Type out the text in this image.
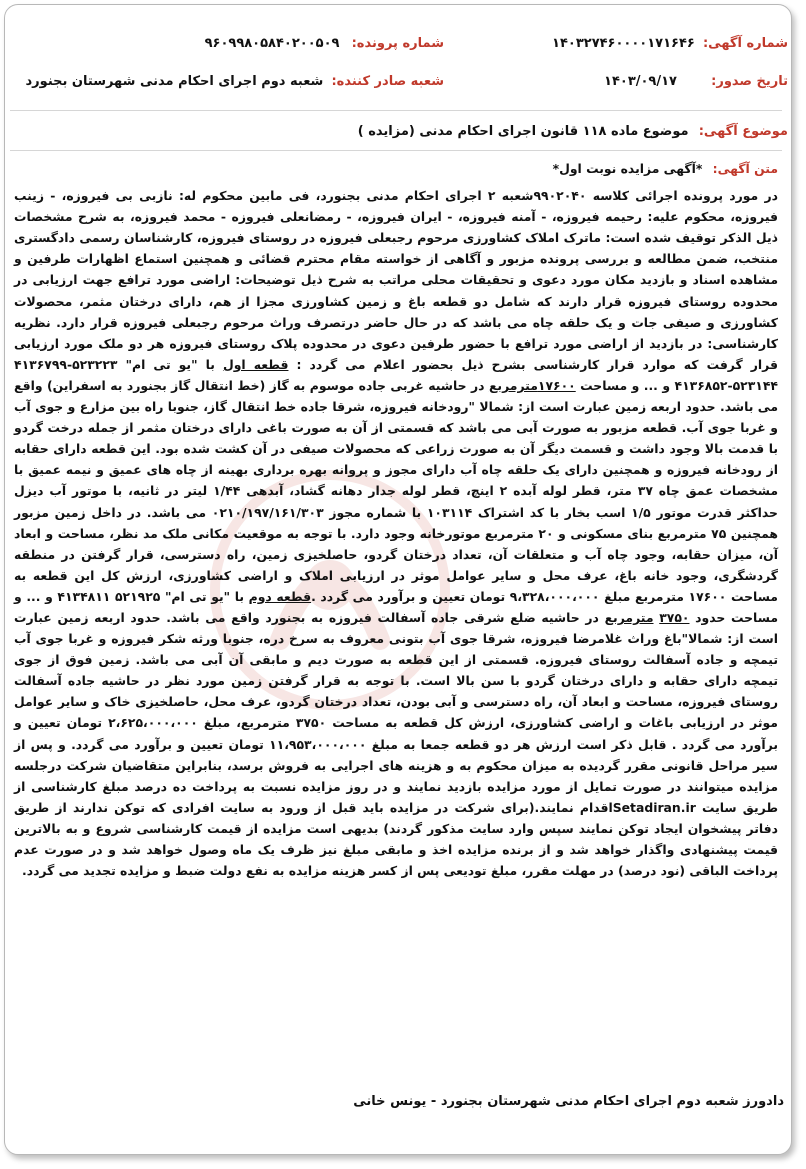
شماره آگهی: ۱۴۰۳۲۷۴۶۰۰۰۰۱۷۱۶۴۶
شماره پرونده: ۹۶۰۹۹۸۰۵۸۴۰۲۰۰۵۰۹
تاریخ صدور: ۱۴۰۳/۰۹/۱۷
شعبه صادر کننده: شعبه دوم اجرای احکام مدنی شهرستان بجنورد
موضوع آگهی: موضوع ماده ۱۱۸ قانون اجرای احکام مدنی (مزایده )

متن آگهی: *آگهی مزایده نوبت اول*

در مورد پرونده اجرائی کلاسه ۹۹۰۲۰۴۰شعبه ۲ اجرای احکام مدنی بجنورد، فی مابین محکوم له: نازبی بی فیروزه، - زینب فیروزه، محکوم علیه: رحیمه فیروزه، - آمنه فیروزه، - ایران فیروزه، - رمضانعلی فیروزه - محمد فیروزه، به شرح مشخصات ذیل الذکر توقیف شده است: ماترک املاک کشاورزی مرحوم رجبعلی فیروزه در روستای فیروزه، کارشناسان رسمی دادگستری منتخب، ضمن مطالعه و بررسی پرونده مزبور و آگاهی از خواسته مقام محترم قضائی و همچنین استماع اظهارات طرفین و مشاهده اسناد و بازدید مکان مورد دعوی و تحقیقات محلی مراتب به شرح ذیل توضیحات: اراضی مورد ترافع جهت ارزیابی در محدوده روستای فیروزه قرار دارند که شامل دو قطعه باغ و زمین کشاورزی مجزا از هم، دارای درختان مثمر، محصولات کشاورزی و صیفی جات و یک حلقه چاه می باشد که در حال حاضر درتصرف وراث مرحوم رجبعلی فیروزه قرار دارد. نظریه کارشناسی: در بازدید از اراضی مورد ترافع با حضور طرفین دعوی در محدوده پلاک روستای فیروزه هر دو ملک مورد ارزیابی قرار گرفت که موارد قرار کارشناسی بشرح ذیل بحضور اعلام می گردد : قطعه اول با "یو تی ام" ۵۲۳۲۲۳-۴۱۳۶۷۹۹ ۵۲۳۱۴۴-۴۱۳۶۸۵۲ و ... و مساحت ۱۷۶۰۰مترمربع در حاشیه غربی جاده موسوم به گاز (خط انتقال گاز بجنورد به اسفراین) واقع می باشد. حدود اربعه زمین عبارت است از: شمالا "رودخانه فیروزه، شرقا جاده خط انتقال گاز، جنوبا راه بین مزارع و جوی آب و غربا جوی آب. قطعه مزبور به صورت آبی می باشد که قسمتی از آن به صورت باغی دارای درختان مثمر از جمله درخت گردو با قدمت بالا وجود داشت و قسمت دیگر آن به صورت زراعی که محصولات صیفی در آن کشت شده بود. این قطعه دارای حقابه از رودخانه فیروزه و همچنین دارای یک حلقه چاه آب دارای مجوز و پروانه بهره برداری بهینه از چاه های عمیق و نیمه عمیق با مشخصات عمق چاه ۳۷ متر، قطر لوله آبده ۲ اینچ، قطر لوله جدار دهانه گشاد، آبدهی ۱/۴۴ لیتر در ثانیه، با موتور آب دیزل حداکثر قدرت موتور ۱/۵ اسب بخار با کد اشتراک ۱۰۳۱۱۴ با شماره مجوز ۰۲۱۰/۱۹۷/۱۶۱/۳۰۳ می باشد. در داخل زمین مزبور همچنین ۷۵ مترمربع بنای مسکونی و ۲۰ مترمربع موتورخانه وجود دارد. با توجه به موقعیت مکانی ملک مد نظر، مساحت و ابعاد آن، میزان حقابه، وجود چاه آب و متعلقات آن، تعداد درختان گردو، حاصلخیزی زمین، راه دسترسی، قرار گرفتن در منطقه گردشگری، وجود خانه باغ، عرف محل و سایر عوامل موثر در ارزیابی املاک و اراضی کشاورزی، ارزش کل این قطعه به مساحت ۱۷۶۰۰ مترمربع مبلغ ۹،۳۲۸،۰۰۰،۰۰۰ تومان تعیین و برآورد می گردد .قطعه دوم با "یو تی ام" ۵۲۱۹۲۵ ۴۱۳۴۸۱۱ و ... و مساحت حدود ۳۷۵۰ مترمربع در حاشیه ضلع شرقی جاده آسفالت فیروزه به بجنورد واقع می باشد. حدود اربعه زمین عبارت است از: شمالا"باغ وراث غلامرضا فیروزه، شرقا جوی آب بتونی معروف به سرخ دره، جنوبا ورثه شکر فیروزه و غربا جوی آب تیمچه و جاده آسفالت روستای فیروزه. قسمتی از این قطعه به صورت دیم و مابقی آن آبی می باشد. زمین فوق از جوی تیمچه دارای حقابه و دارای درختان گردو با سن بالا است. با توجه به قرار گرفتن زمین مورد نظر در حاشیه جاده آسفالت روستای فیروزه، مساحت و ابعاد آن، راه دسترسی و آبی بودن، تعداد درختان گردو، عرف محل، حاصلخیزی خاک و سایر عوامل موثر در ارزیابی باغات و اراضی کشاورزی، ارزش کل قطعه به مساحت ۳۷۵۰ مترمربع، مبلغ ۲،۶۲۵،۰۰۰،۰۰۰ تومان تعیین و برآورد می گردد . قابل ذکر است ارزش هر دو قطعه جمعا به مبلغ ۱۱،۹۵۳،۰۰۰،۰۰۰ تومان تعیین و برآورد می گردد. و پس از سیر مراحل قانونی مقرر گردیده به میزان محکوم به و هزینه های اجرایی به فروش برسد، بنابراین متقاضیان شرکت درجلسه مزایده میتوانند در صورت تمایل از مورد مزایده بازدید نمایند و در روز مزایده نسبت به پرداخت ده درصد مبلغ کارشناسی از طریق سایت Setadiran.irاقدام نمایند.(برای شرکت در مزایده باید قبل از ورود به سایت افرادی که توکن ندارند از طریق دفاتر پیشخوان ایجاد توکن نمایند سپس وارد سایت مذکور گردند) بدیهی است مزایده از قیمت کارشناسی شروع و به بالاترین قیمت پیشنهادی واگذار خواهد شد و از برنده مزایده اخذ و مابقی مبلغ نیز ظرف یک ماه وصول خواهد شد و در صورت عدم پرداخت الباقی (نود درصد) در مهلت مقرر، مبلغ تودیعی پس از کسر هزینه مزایده به نفع دولت ضبط و مزایده تجدید می گردد.

دادورز شعبه دوم اجرای احکام مدنی شهرستان بجنورد - یونس خانی
